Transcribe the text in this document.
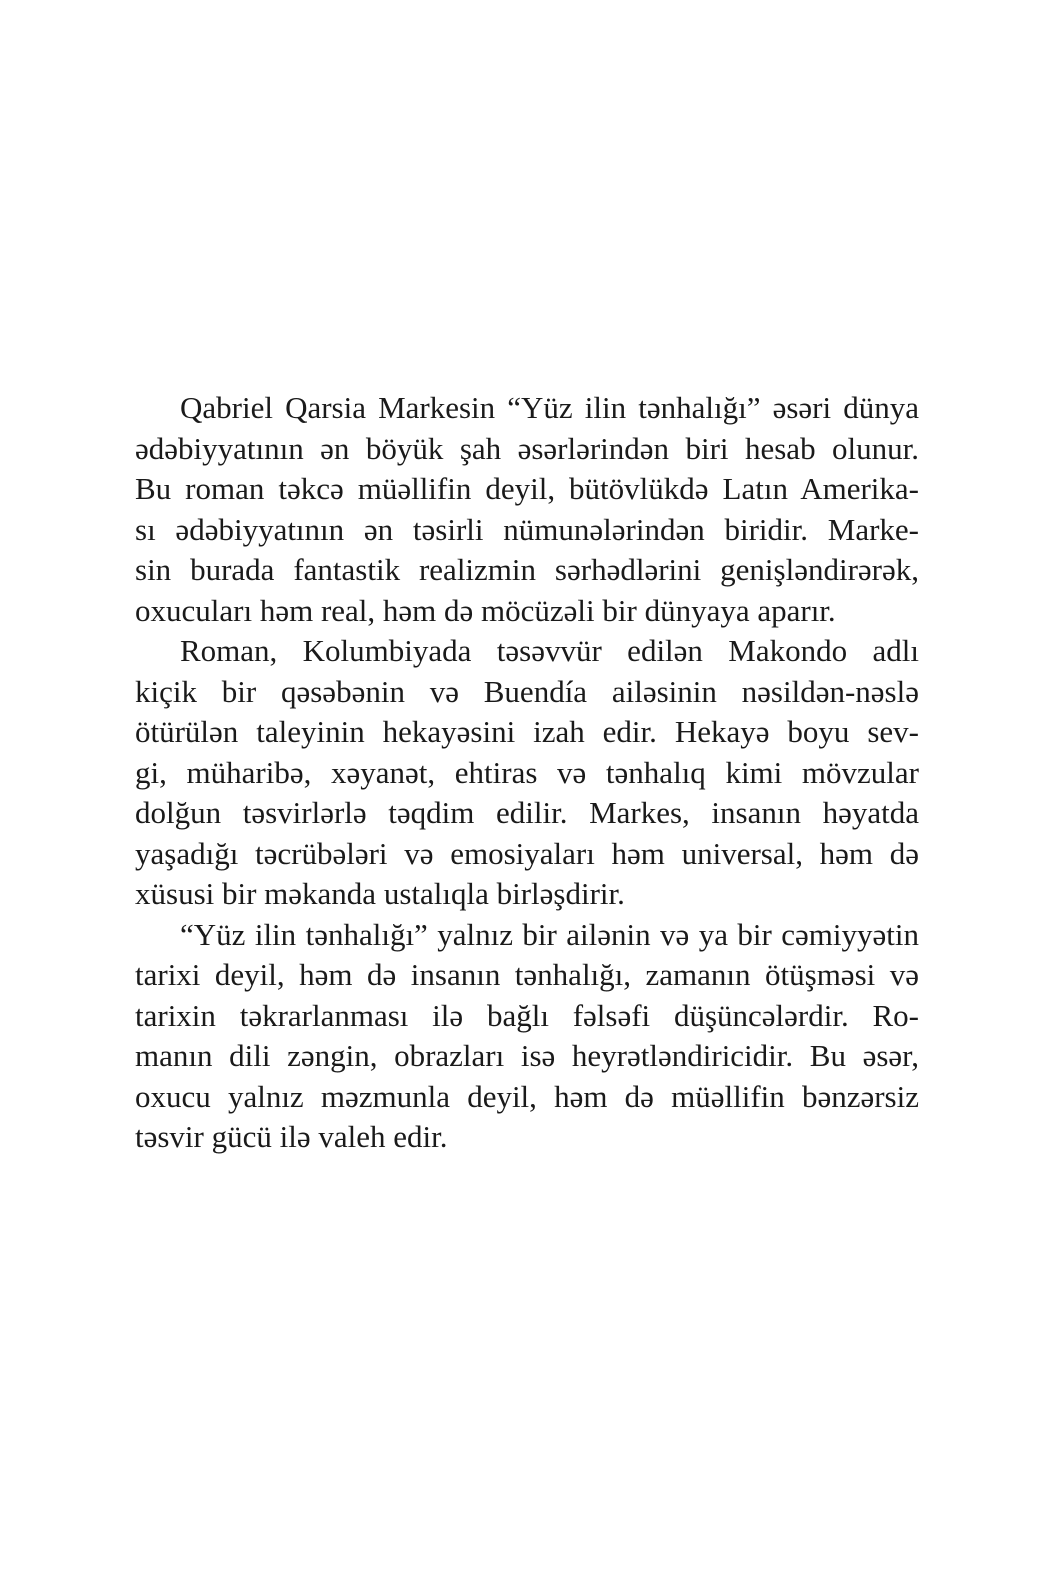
Qabriel Qarsia Markesin “Yüz ilin tənhalığı” əsəri dünya
ədəbiyyatının ən böyük şah əsərlərindən biri hesab olunur.
Bu roman təkcə müəllifin deyil, bütövlükdə Latın Amerika-
sı ədəbiyyatının ən təsirli nümunələrindən biridir. Marke-
sin burada fantastik realizmin sərhədlərini genişləndirərək,
oxucuları həm real, həm də möcüzəli bir dünyaya aparır.
Roman, Kolumbiyada təsəvvür edilən Makondo adlı
kiçik bir qəsəbənin və Buendía ailəsinin nəsildən-nəslə
ötürülən taleyinin hekayəsini izah edir. Hekayə boyu sev-
gi, müharibə, xəyanət, ehtiras və tənhalıq kimi mövzular
dolğun təsvirlərlə təqdim edilir. Markes, insanın həyatda
yaşadığı təcrübələri və emosiyaları həm universal, həm də
xüsusi bir məkanda ustalıqla birləşdirir.
“Yüz ilin tənhalığı” yalnız bir ailənin və ya bir cəmiyyətin
tarixi deyil, həm də insanın tənhalığı, zamanın ötüşməsi və
tarixin təkrarlanması ilə bağlı fəlsəfi düşüncələrdir. Ro-
manın dili zəngin, obrazları isə heyrətləndiricidir. Bu əsər,
oxucu yalnız məzmunla deyil, həm də müəllifin bənzərsiz
təsvir gücü ilə valeh edir.
